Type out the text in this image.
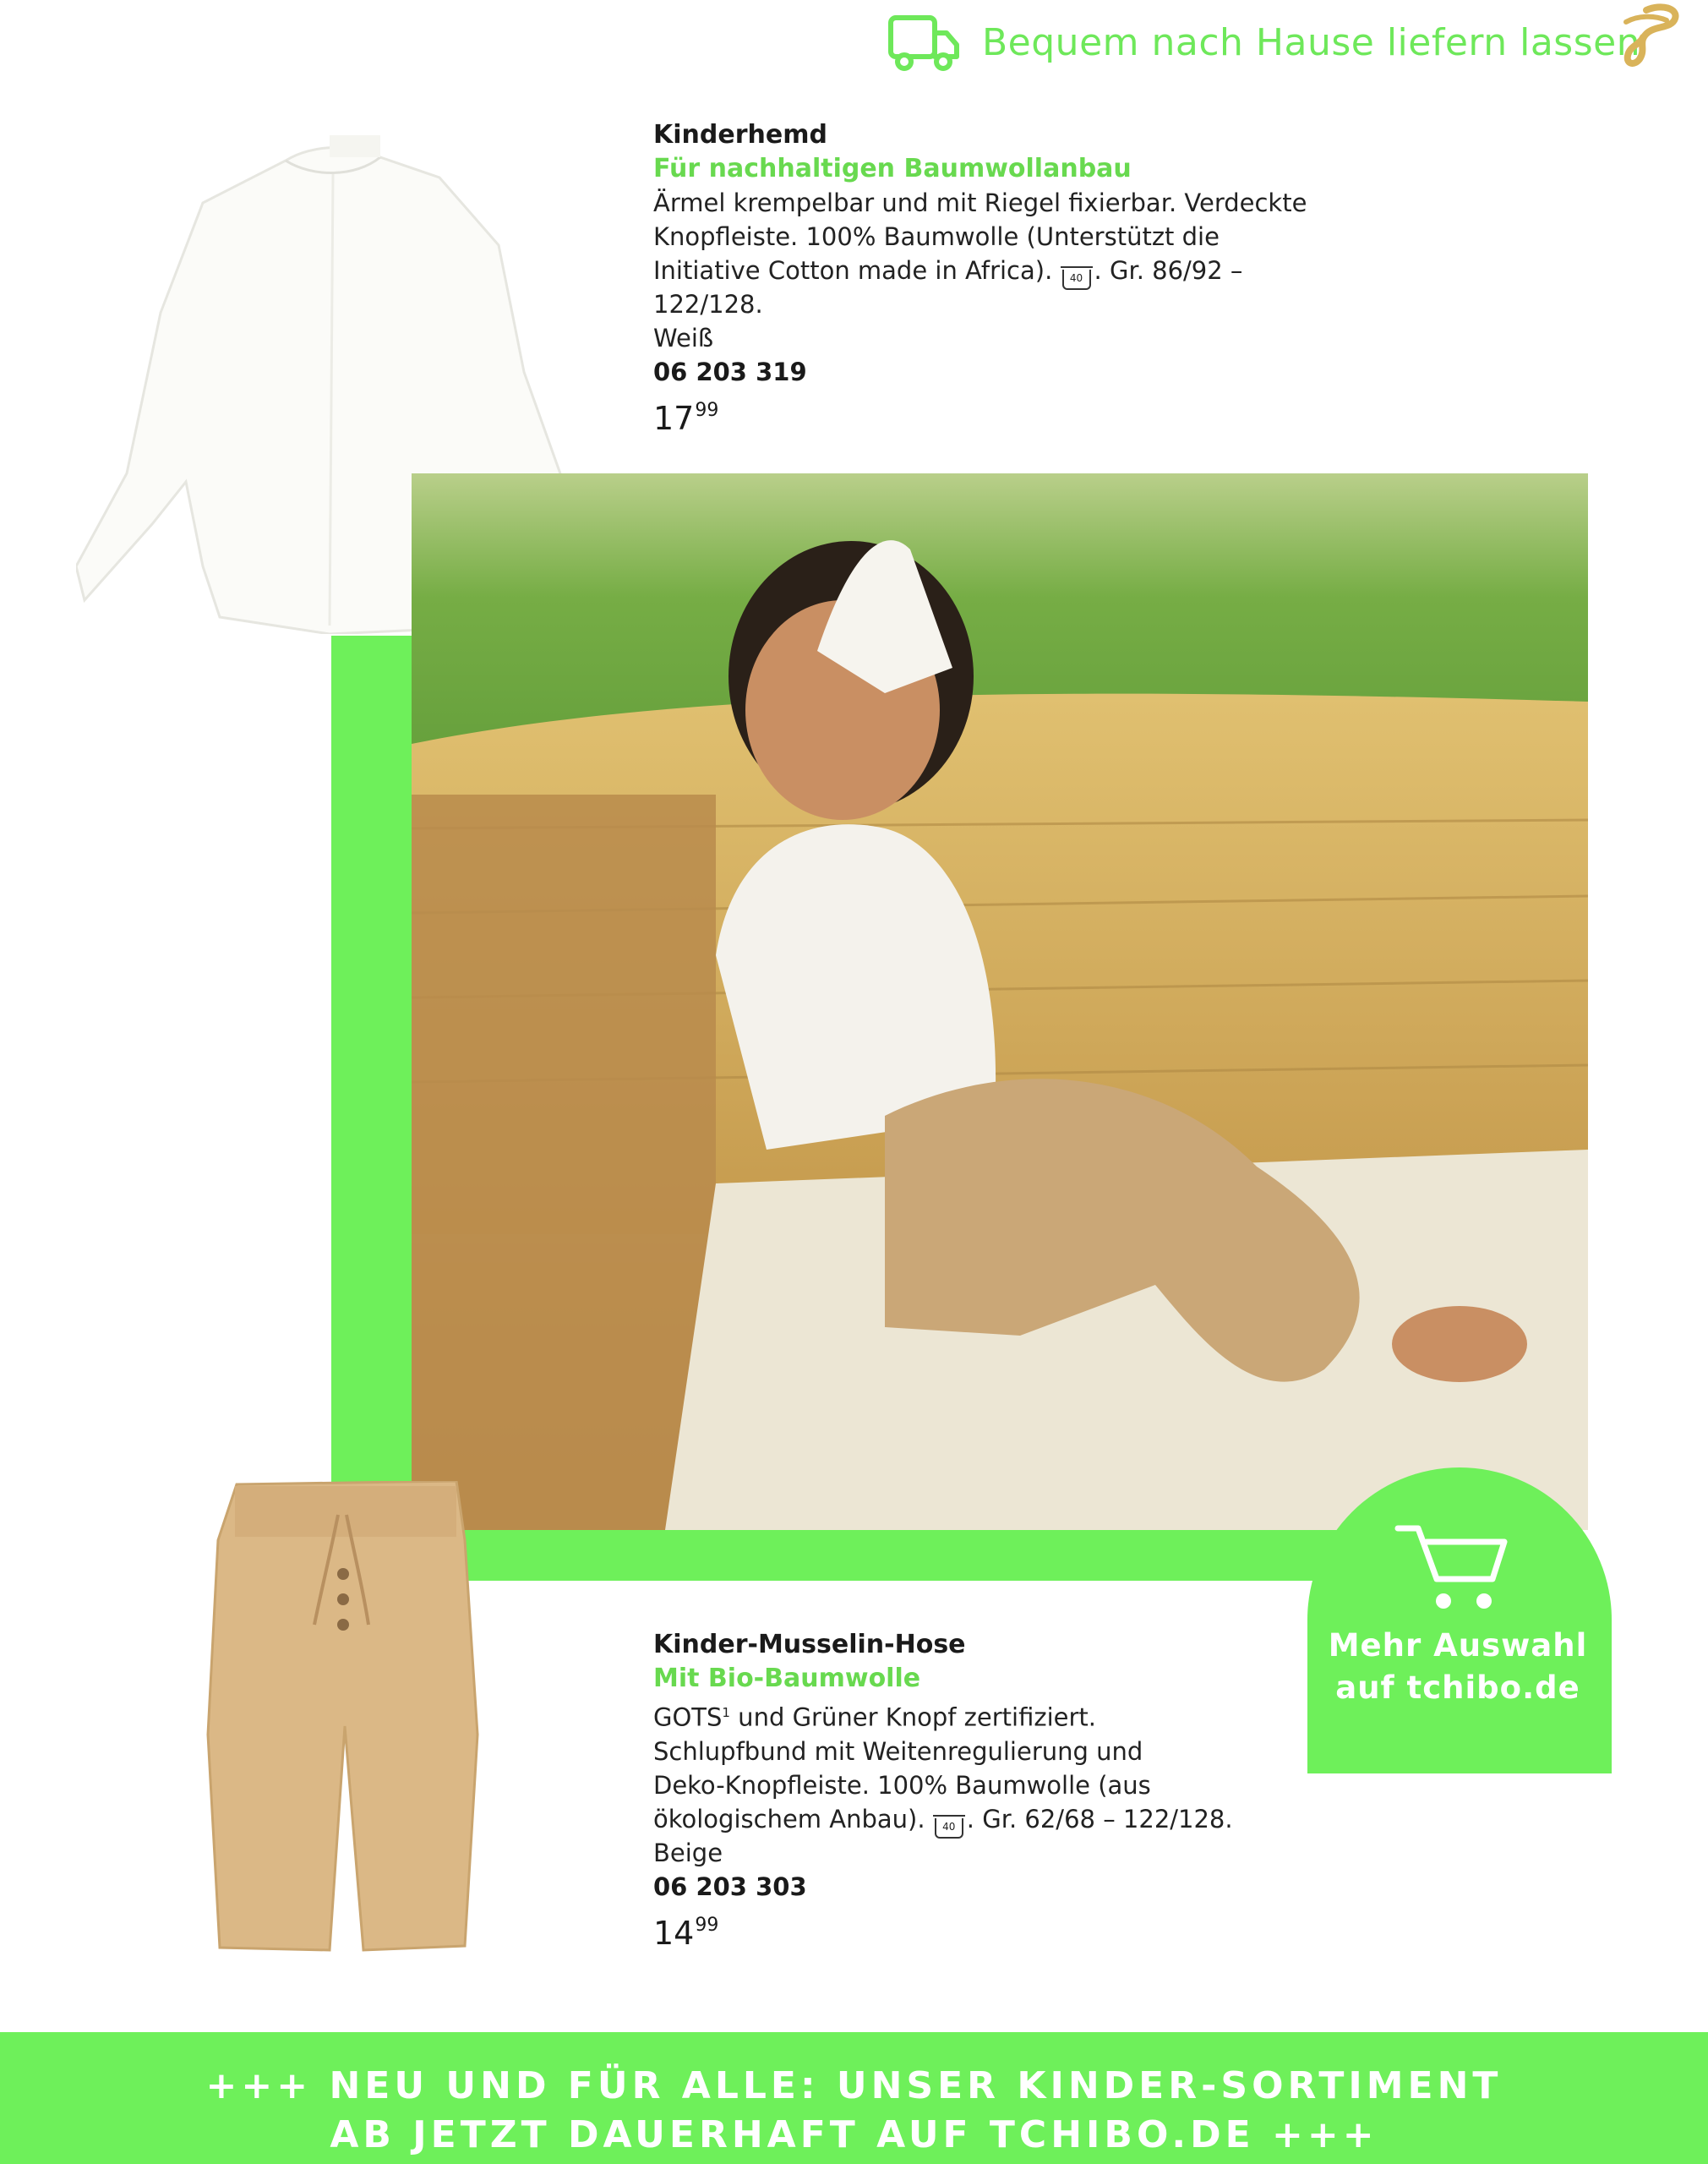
Bequem nach Hause liefern lassen
Kinderhemd
Für nachhaltigen Baumwollanbau
Ärmel krempelbar und mit Riegel fixierbar. Verdeckte
Knopfleiste. 100% Baumwolle (Unterstützt die
Initiative Cotton made in Africa). 40 . Gr. 86/92 – 122/128.
Weiß
06 203 319
$17^{99}$
Kinder-Musselin-Hose
Mit Bio-Baumwolle
GOTS$^1$ und Grüner Knopf zertifiziert.
Schlupfbund mit Weitenregulierung und
Deko-Knopfleiste. 100% Baumwolle (aus
ökologischem Anbau). 40 . Gr. 62/68 – 122/128.
Beige
06 203 303
$14^{99}$
Mehr Auswahl
auf tchibo.de
+++ NEU UND FÜR ALLE: UNSER KINDER-SORTIMENT
AB JETZT DAUERHAFT AUF TCHIBO.DE +++
